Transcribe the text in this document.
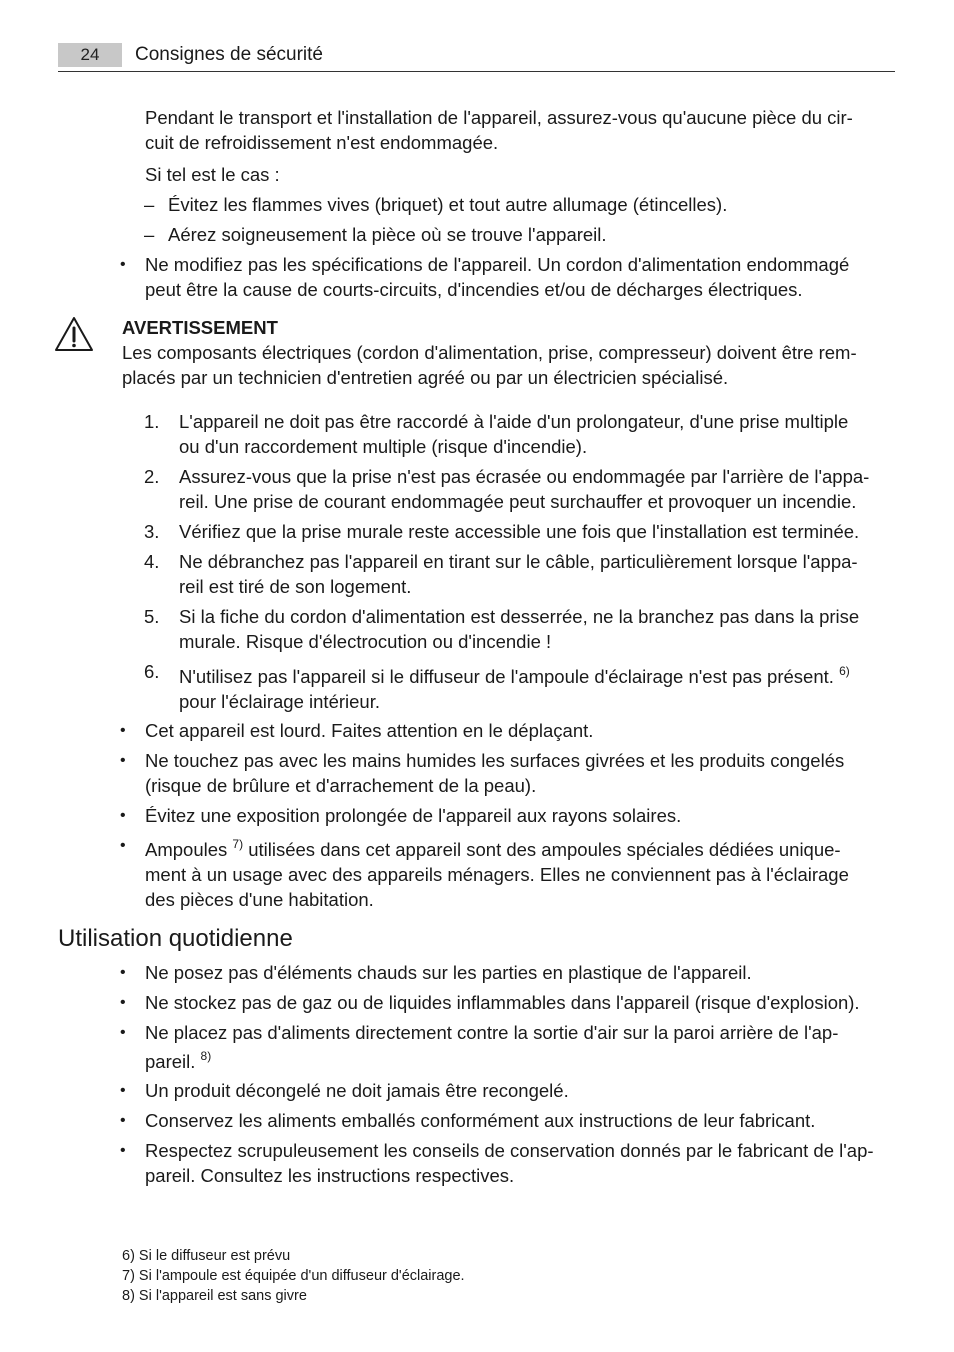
24	Consignes de sécurité
Pendant le transport et l'installation de l'appareil, assurez-vous qu'aucune pièce du cir-
cuit de refroidissement n'est endommagée.
Si tel est le cas :
– Évitez les flammes vives (briquet) et tout autre allumage (étincelles).
– Aérez soigneusement la pièce où se trouve l'appareil.
• Ne modifiez pas les spécifications de l'appareil. Un cordon d'alimentation endommagé
peut être la cause de courts-circuits, d'incendies et/ou de décharges électriques.
AVERTISSEMENT
Les composants électriques (cordon d'alimentation, prise, compresseur) doivent être rem-
placés par un technicien d'entretien agréé ou par un électricien spécialisé.
1. L'appareil ne doit pas être raccordé à l'aide d'un prolongateur, d'une prise multiple
ou d'un raccordement multiple (risque d'incendie).
2. Assurez-vous que la prise n'est pas écrasée ou endommagée par l'arrière de l'appa-
reil. Une prise de courant endommagée peut surchauffer et provoquer un incendie.
3. Vérifiez que la prise murale reste accessible une fois que l'installation est terminée.
4. Ne débranchez pas l'appareil en tirant sur le câble, particulièrement lorsque l'appa-
reil est tiré de son logement.
5. Si la fiche du cordon d'alimentation est desserrée, ne la branchez pas dans la prise
murale. Risque d'électrocution ou d'incendie !
6. N'utilisez pas l'appareil si le diffuseur de l'ampoule d'éclairage n'est pas présent. $^{6)}$
pour l'éclairage intérieur.
• Cet appareil est lourd. Faites attention en le déplaçant.
• Ne touchez pas avec les mains humides les surfaces givrées et les produits congelés
(risque de brûlure et d'arrachement de la peau).
• Évitez une exposition prolongée de l'appareil aux rayons solaires.
• Ampoules $^{7)}$ utilisées dans cet appareil sont des ampoules spéciales dédiées unique-
ment à un usage avec des appareils ménagers. Elles ne conviennent pas à l'éclairage
des pièces d'une habitation.
Utilisation quotidienne
• Ne posez pas d'éléments chauds sur les parties en plastique de l'appareil.
• Ne stockez pas de gaz ou de liquides inflammables dans l'appareil (risque d'explosion).
• Ne placez pas d'aliments directement contre la sortie d'air sur la paroi arrière de l'ap-
pareil. $^{8)}$
• Un produit décongelé ne doit jamais être recongelé.
• Conservez les aliments emballés conformément aux instructions de leur fabricant.
• Respectez scrupuleusement les conseils de conservation donnés par le fabricant de l'ap-
pareil. Consultez les instructions respectives.
6) Si le diffuseur est prévu
7) Si l'ampoule est équipée d'un diffuseur d'éclairage.
8) Si l'appareil est sans givre
